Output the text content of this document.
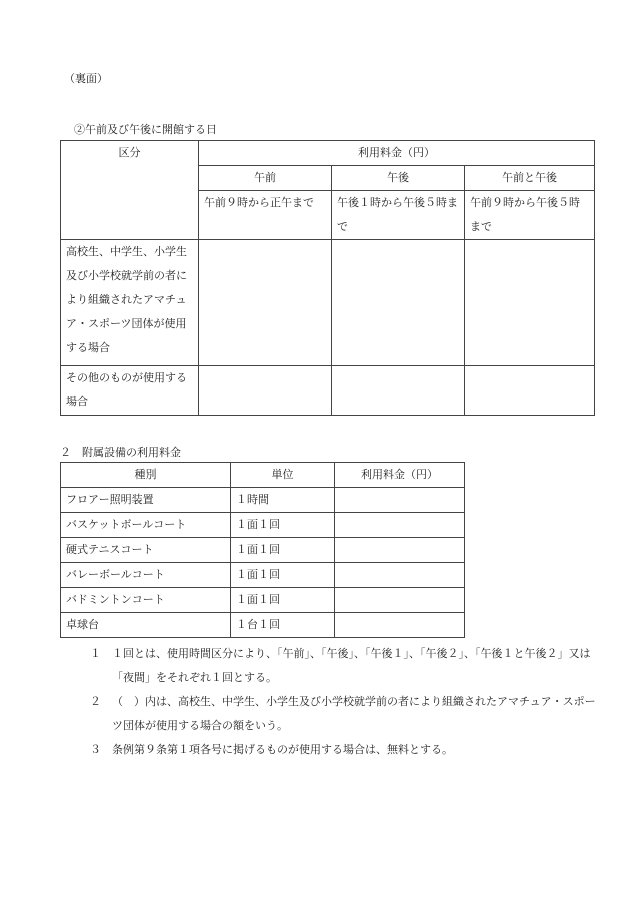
（裏面）
②午前及び午後に開館する日
区分	利用料金（円）		
	午前	午後	午前と午後
	午前９時から正午まで	午後１時から午後５時まで	午前９時から午後５時まで
高校生、中学生、小学生及び小学校就学前の者により組織されたアマチュア・スポーツ団体が使用する場合			
その他のものが使用する場合			
２　附属設備の利用料金
種別	単位	利用料金（円）
フロアー照明装置	１時間	
バスケットボールコート	１面１回	
硬式テニスコート	１面１回	
バレーボールコート	１面１回	
バドミントンコート	１面１回	
卓球台	１台１回	
１	１回とは、使用時間区分により、「午前」、「午後」、「午後１」、「午後２」、「午後１と午後２」又は「夜間」をそれぞれ１回とする。
２	（　）内は、高校生、中学生、小学生及び小学校就学前の者により組織されたアマチュア・スポーツ団体が使用する場合の額をいう。
３	条例第９条第１項各号に掲げるものが使用する場合は、無料とする。
